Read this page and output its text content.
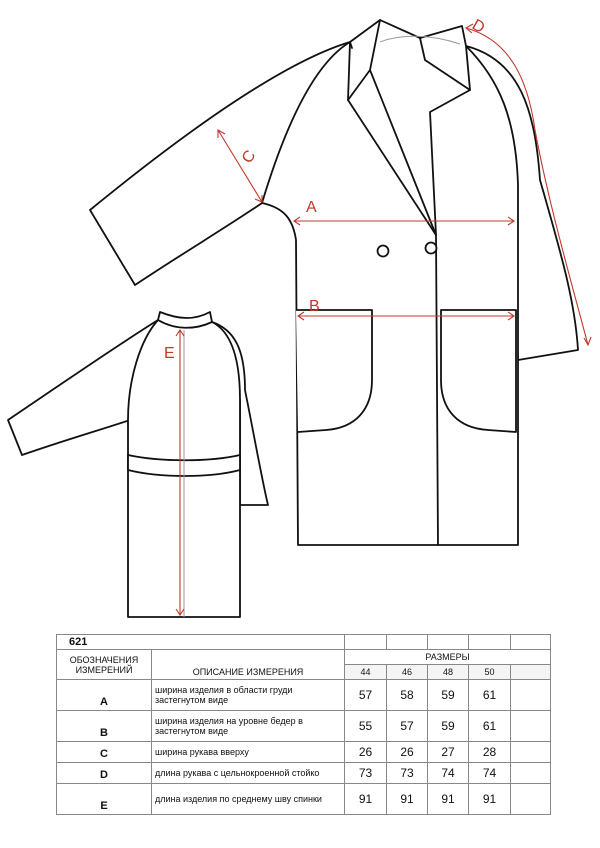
A
B
C
D
E
621						
ОБОЗНАЧЕНИЯ ИЗМЕРЕНИЙ	ОПИСАНИЕ ИЗМЕРЕНИЯ	РАЗМЕРЫ				
		44	46	48	50	
A	ширина изделия в области груди застегнутом виде	57	58	59	61	
B	ширина изделия на уровне бедер в застегнутом виде	55	57	59	61	
C	ширина рукава вверху	26	26	27	28	
D	длина рукава с цельнокроенной стойко	73	73	74	74	
E	длина изделия по среднему шву спинки	91	91	91	91	
